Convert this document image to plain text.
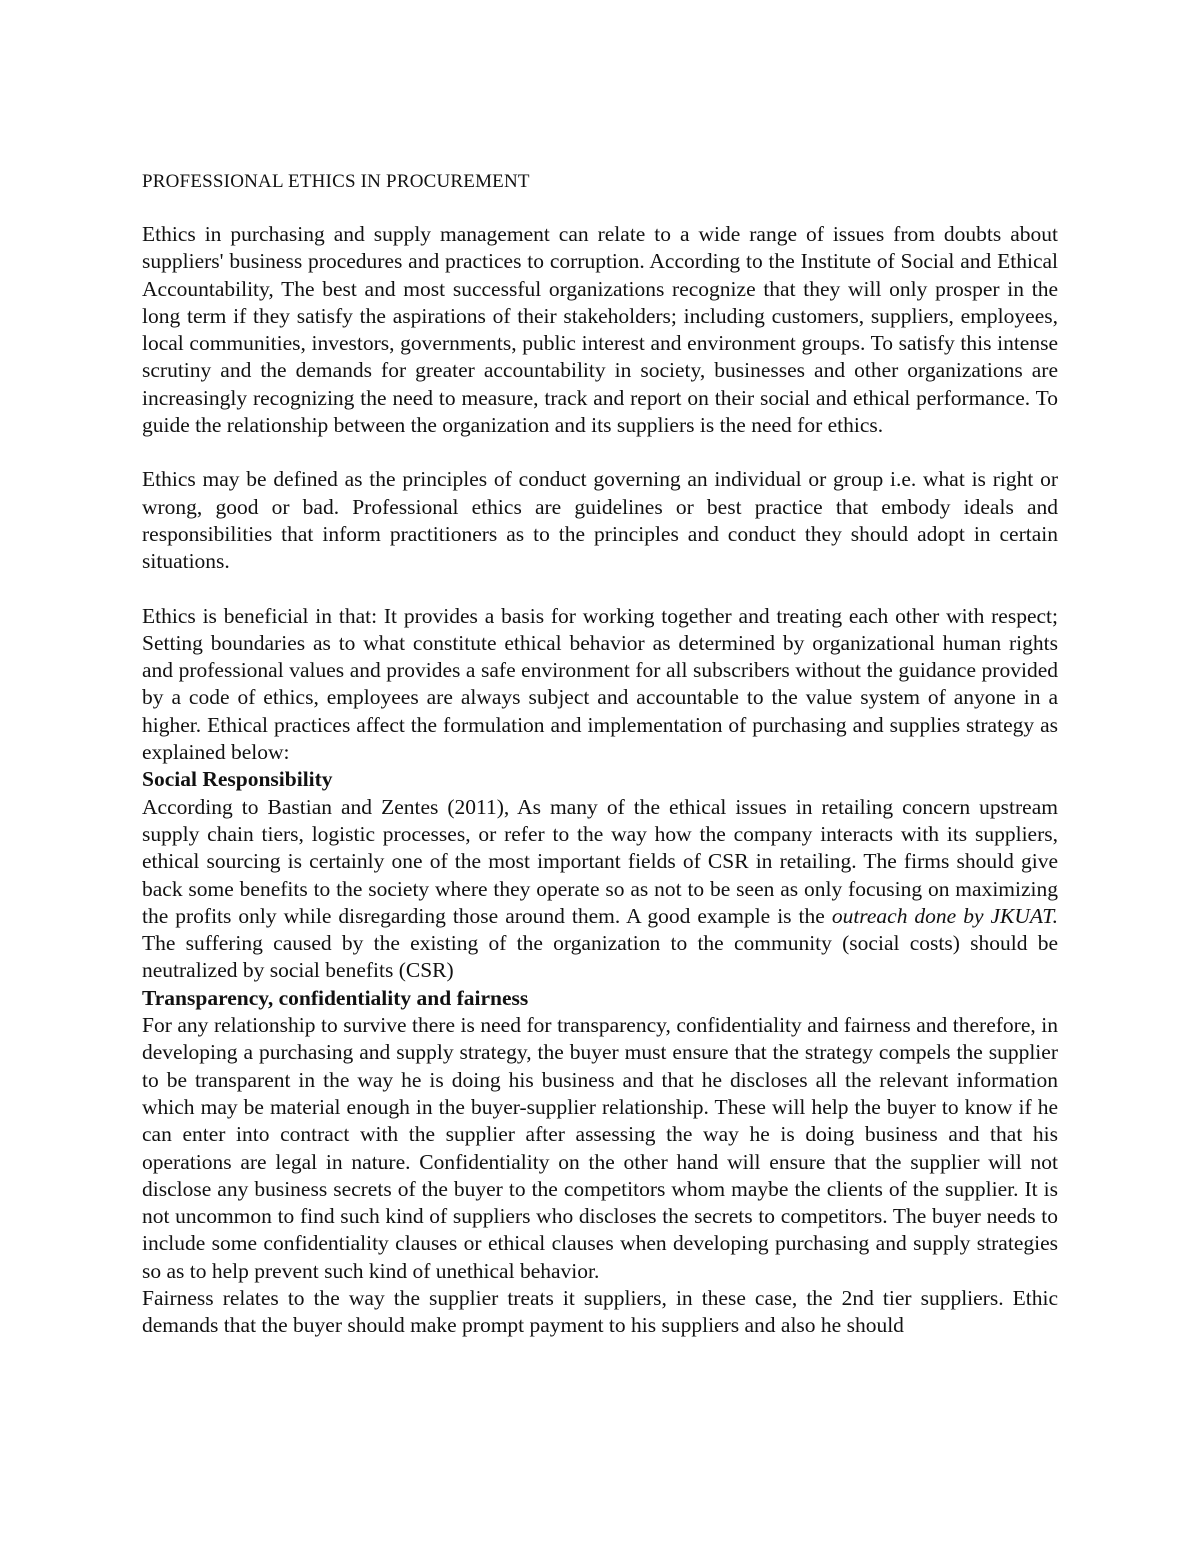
PROFESSIONAL ETHICS IN PROCUREMENT

Ethics in purchasing and supply management can relate to a wide range of issues from doubts about suppliers' business procedures and practices to corruption. According to the Institute of Social and Ethical Accountability, The best and most successful organizations recognize that they will only prosper in the long term if they satisfy the aspirations of their stakeholders; including customers, suppliers, employees, local communities, investors, governments, public interest and environment groups. To satisfy this intense scrutiny and the demands for greater accountability in society, businesses and other organizations are increasingly recognizing the need to measure, track and report on their social and ethical performance. To guide the relationship between the organization and its suppliers is the need for ethics.

Ethics may be defined as the principles of conduct governing an individual or group i.e. what is right or wrong, good or bad. Professional ethics are guidelines or best practice that embody ideals and responsibilities that inform practitioners as to the principles and conduct they should adopt in certain situations.

Ethics is beneficial in that: It provides a basis for working together and treating each other with respect; Setting boundaries as to what constitute ethical behavior as determined by organizational human rights and professional values and provides a safe environment for all subscribers without the guidance provided by a code of ethics, employees are always subject and accountable to the value system of anyone in a higher. Ethical practices affect the formulation and implementation of purchasing and supplies strategy as explained below:

Social Responsibility

According to Bastian and Zentes (2011), As many of the ethical issues in retailing concern upstream supply chain tiers, logistic processes, or refer to the way how the company interacts with its suppliers, ethical sourcing is certainly one of the most important fields of CSR in retailing. The firms should give back some benefits to the society where they operate so as not to be seen as only focusing on maximizing the profits only while disregarding those around them. A good example is the outreach done by JKUAT. The suffering caused by the existing of the organization to the community (social costs) should be neutralized by social benefits (CSR)

Transparency, confidentiality and fairness

For any relationship to survive there is need for transparency, confidentiality and fairness and therefore, in developing a purchasing and supply strategy, the buyer must ensure that the strategy compels the supplier to be transparent in the way he is doing his business and that he discloses all the relevant information which may be material enough in the buyer-supplier relationship. These will help the buyer to know if he can enter into contract with the supplier after assessing the way he is doing business and that his operations are legal in nature. Confidentiality on the other hand will ensure that the supplier will not disclose any business secrets of the buyer to the competitors whom maybe the clients of the supplier. It is not uncommon to find such kind of suppliers who discloses the secrets to competitors. The buyer needs to include some confidentiality clauses or ethical clauses when developing purchasing and supply strategies so as to help prevent such kind of unethical behavior.

Fairness relates to the way the supplier treats it suppliers, in these case, the 2nd tier suppliers. Ethic demands that the buyer should make prompt payment to his suppliers and also he should
